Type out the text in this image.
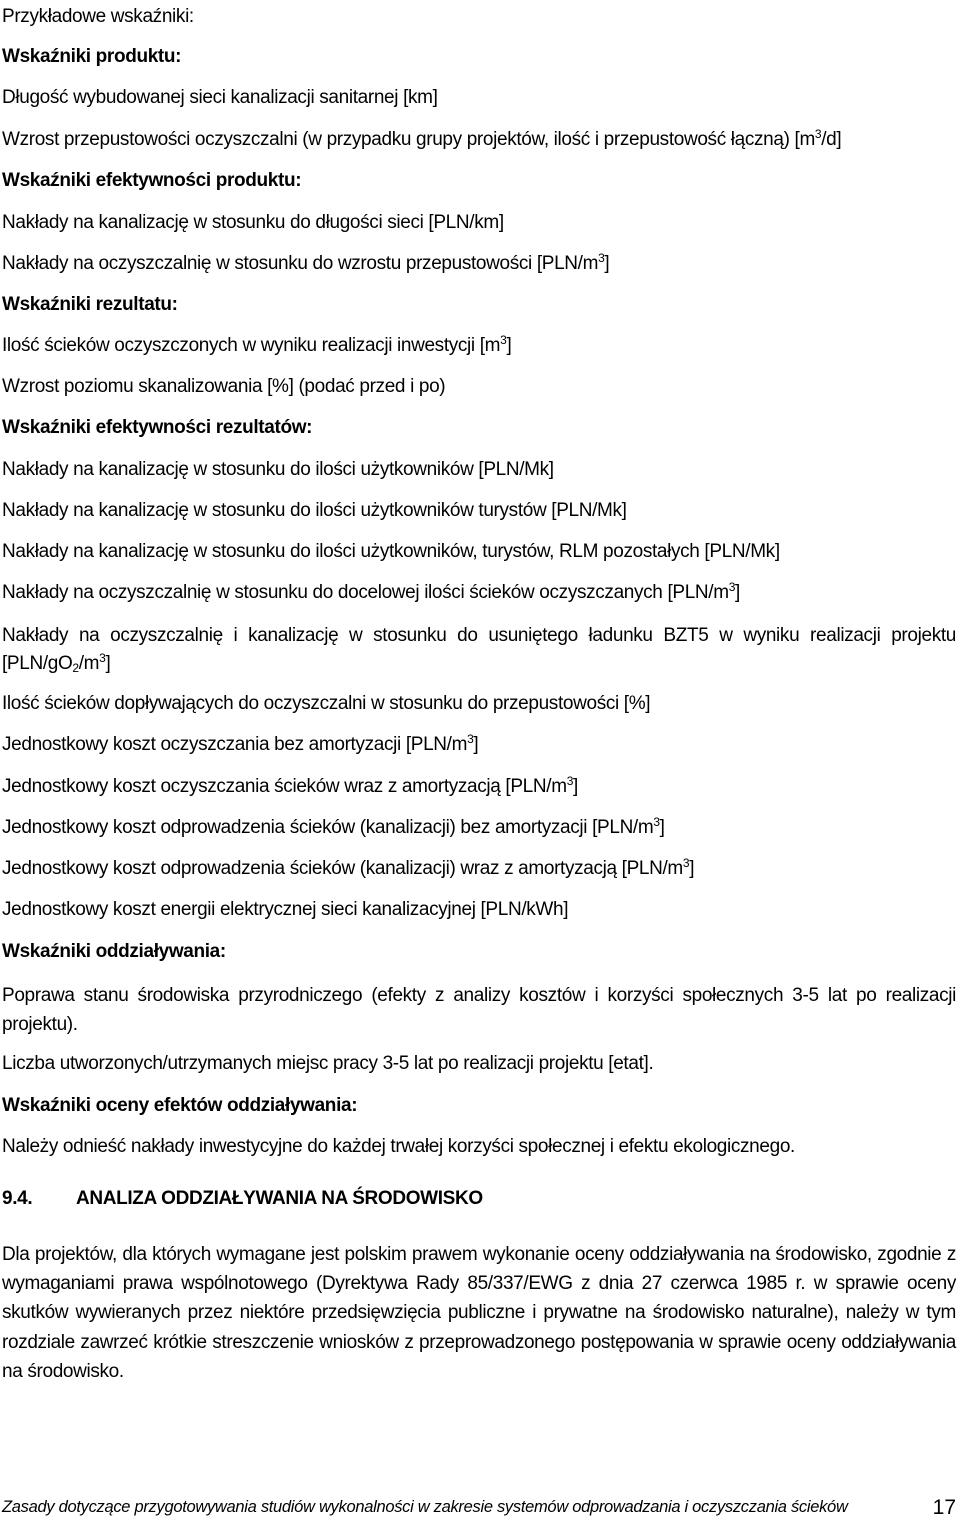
Przykładowe wskaźniki:
Wskaźniki produktu:
Długość wybudowanej sieci kanalizacji sanitarnej [km]
Wzrost przepustowości oczyszczalni (w przypadku grupy projektów, ilość i przepustowość łączną) $[m^3/d]$
Wskaźniki efektywności produktu:
Nakłady na kanalizację w stosunku do długości sieci [PLN/km]
Nakłady na oczyszczalnię w stosunku do wzrostu przepustowości $[PLN/m^3]$
Wskaźniki rezultatu:
Ilość ścieków oczyszczonych w wyniku realizacji inwestycji $[m^3]$
Wzrost poziomu skanalizowania [%] (podać przed i po)
Wskaźniki efektywności rezultatów:
Nakłady na kanalizację w stosunku do ilości użytkowników [PLN/Mk]
Nakłady na kanalizację w stosunku do ilości użytkowników turystów [PLN/Mk]
Nakłady na kanalizację w stosunku do ilości użytkowników, turystów, RLM pozostałych [PLN/Mk]
Nakłady na oczyszczalnię w stosunku do docelowej ilości ścieków oczyszczanych $[PLN/m^3]$
Nakłady na oczyszczalnię i kanalizację w stosunku do usuniętego ładunku BZT5 w wyniku realizacji projektu $[PLN/gO_2/m^3]$
Ilość ścieków dopływających do oczyszczalni w stosunku do przepustowości [%]
Jednostkowy koszt oczyszczania bez amortyzacji $[PLN/m^3]$
Jednostkowy koszt oczyszczania ścieków wraz z amortyzacją $[PLN/m^3]$
Jednostkowy koszt odprowadzenia ścieków (kanalizacji) bez amortyzacji $[PLN/m^3]$
Jednostkowy koszt odprowadzenia ścieków (kanalizacji) wraz z amortyzacją $[PLN/m^3]$
Jednostkowy koszt energii elektrycznej sieci kanalizacyjnej [PLN/kWh]
Wskaźniki oddziaływania:
Poprawa stanu środowiska przyrodniczego (efekty z analizy kosztów i korzyści społecznych 3-5 lat po realizacji projektu).
Liczba utworzonych/utrzymanych miejsc pracy 3-5 lat po realizacji projektu [etat].
Wskaźniki oceny efektów oddziaływania:
Należy odnieść nakłady inwestycyjne do każdej trwałej korzyści społecznej i efektu ekologicznego.
9.4. ANALIZA ODDZIAŁYWANIA NA ŚRODOWISKO
Dla projektów, dla których wymagane jest polskim prawem wykonanie oceny oddziaływania na środowisko, zgodnie z wymaganiami prawa wspólnotowego (Dyrektywa Rady 85/337/EWG z dnia 27 czerwca 1985 r. w sprawie oceny skutków wywieranych przez niektóre przedsięwzięcia publiczne i prywatne na środowisko naturalne), należy w tym rozdziale zawrzeć krótkie streszczenie wniosków z przeprowadzonego postępowania w sprawie oceny oddziaływania na środowisko.
Zasady dotyczące przygotowywania studiów wykonalności w zakresie systemów odprowadzania i oczyszczania ścieków	17
